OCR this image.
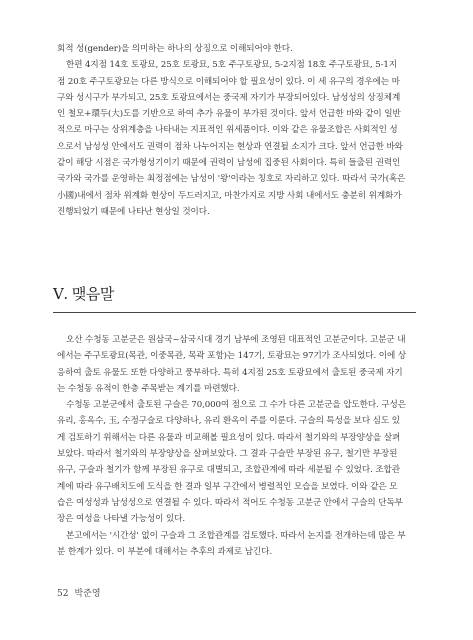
회적 성(gender)을 의미하는 하나의 상징으로 이해되어야 한다.
한편 4지점 14호 토광묘, 25호 토광묘, 5호 주구토광묘, 5-2지점 18호 주구토광묘, 5-1지
점 20호 주구토광묘는 다른 방식으로 이해되어야 할 필요성이 있다. 이 세 유구의 경우에는 마
구와 성시구가 부가되고, 25호 토광묘에서는 중국제 자기가 부장되어있다. 남성성의 상징체계
인 철모+環두(大)도를 기반으로 하여 추가 유물이 부가된 것이다. 앞서 언급한 바와 같이 일반
적으로 마구는 상위계층을 나타내는 지표적인 위세품이다. 이와 같은 유물조합은 사회적인 성
으로서 남성성 안에서도 권력이 점차 나누어지는 현상과 연결될 소지가 크다. 앞서 언급한 바와
같이 해당 시점은 국가형성기이기 때문에 권력이 남성에 집중된 사회이다. 특히 들출된 권력인
국가와 국가를 운영하는 최정점에는 남성이 '왕'이라는 칭호로 자리하고 있다. 따라서 국가(혹은
小國)내에서 점차 위계화 현상이 두드러지고, 마찬가지로 지방 사회 내에서도 충분히 위계화가
진행되었기 때문에 나타난 현상일 것이다.
Ⅴ. 맺음말
오산 수청동 고분군은 원삼국~삼국시대 경기 남부에 조영된 대표적인 고분군이다. 고분군 내
에서는 주구토광묘(목관, 이중목관, 목곽 포함)는 147기, 토광묘는 97기가 조사되었다. 이에 상
응하여 출토 유물도 또한 다양하고 풍부하다. 특히 4지점 25호 토광묘에서 출토된 중국제 자기
는 수청동 유적이 한층 주목받는 계기를 마련했다.
수청동 고분군에서 출토된 구슬은 70,000여 점으로 그 수가 다른 고분군을 압도한다. 구성은
유리, 홍옥수, 玉, 수정구슬로 다양하나, 유리 환옥이 주를 이룬다. 구슬의 특성을 보다 심도 있
게 검토하기 위해서는 다른 유물과 비교해볼 필요성이 있다. 따라서 철기와의 부장양상을 살펴
보았다. 따라서 철기와의 부장양상을 살펴보았다. 그 결과 구슬만 부장된 유구, 철기만 부장된
유구, 구슬과 철기가 함께 부장된 유구로 대별되고, 조합관계에 따라 세분될 수 있었다. 조합관
계에 따라 유구배치도에 도식을 한 결과 일부 구간에서 병렬적인 모습을 보였다. 이와 같은 모
습은 여성성과 남성성으로 연결될 수 있다. 따라서 적어도 수청동 고분군 안에서 구슬의 단독부
장은 여성을 나타낼 가능성이 있다.
본고에서는 '시간성' 없이 구슬과 그 조합관계를 검토했다. 따라서 논지를 전개하는데 많은 부
분 한계가 있다. 이 부분에 대해서는 추후의 과제로 남긴다.
52 박준영
